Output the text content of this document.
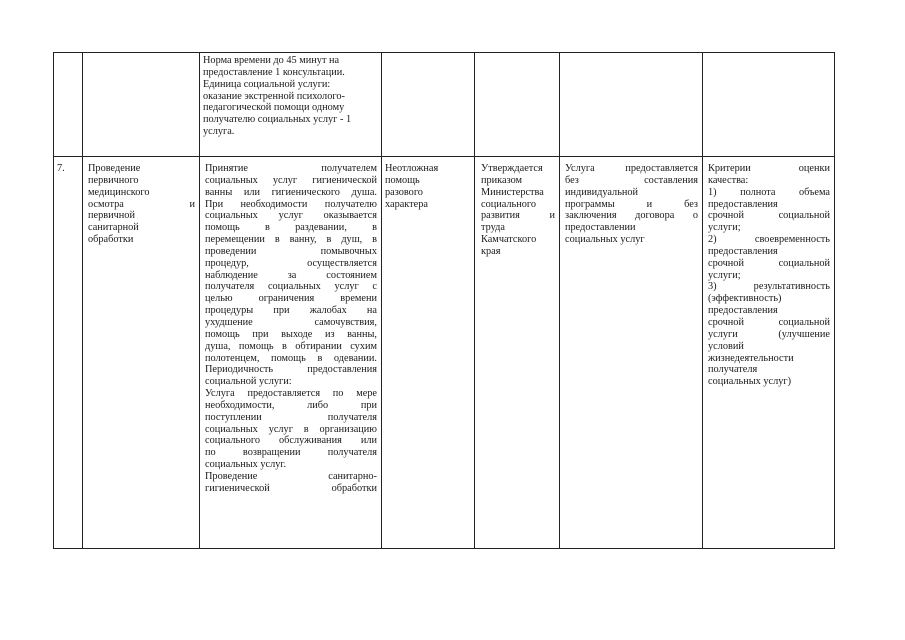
Норма времени до 45 минут на
предоставление 1 консультации.
Единица социальной услуги:
оказание экстренной психолого-
педагогической помощи одному
получателю социальных услуг - 1
услуга.
7.	Проведение
первичного
медицинского
осмотра и
первичной
санитарной
обработки
Принятие получателем
социальных услуг гигиенической
ванны или гигиенического душа.
При необходимости получателю
социальных услуг оказывается
помощь в раздевании, в
перемещении в ванну, в душ, в
проведении помывочных
процедур, осуществляется
наблюдение за состоянием
получателя социальных услуг с
целью ограничения времени
процедуры при жалобах на
ухудшение самочувствия,
помощь при выходе из ванны,
душа, помощь в обтирании сухим
полотенцем, помощь в одевании.
Периодичность предоставления
социальной услуги:
Услуга предоставляется по мере
необходимости, либо при
поступлении получателя
социальных услуг в организацию
социального обслуживания или
по возвращении получателя
социальных услуг.
Проведение санитарно-
гигиенической обработки
Неотложная
помощь
разового
характера
Утверждается
приказом
Министерства
социального
развития и
труда
Камчатского
края
Услуга предоставляется
без составления
индивидуальной
программы и без
заключения договора о
предоставлении
социальных услуг
Критерии оценки
качества:
1) полнота объема
предоставления
срочной социальной
услуги;
2) своевременность
предоставления
срочной социальной
услуги;
3) результативность
(эффективность)
предоставления
срочной социальной
услуги (улучшение
условий
жизнедеятельности
получателя
социальных услуг)
